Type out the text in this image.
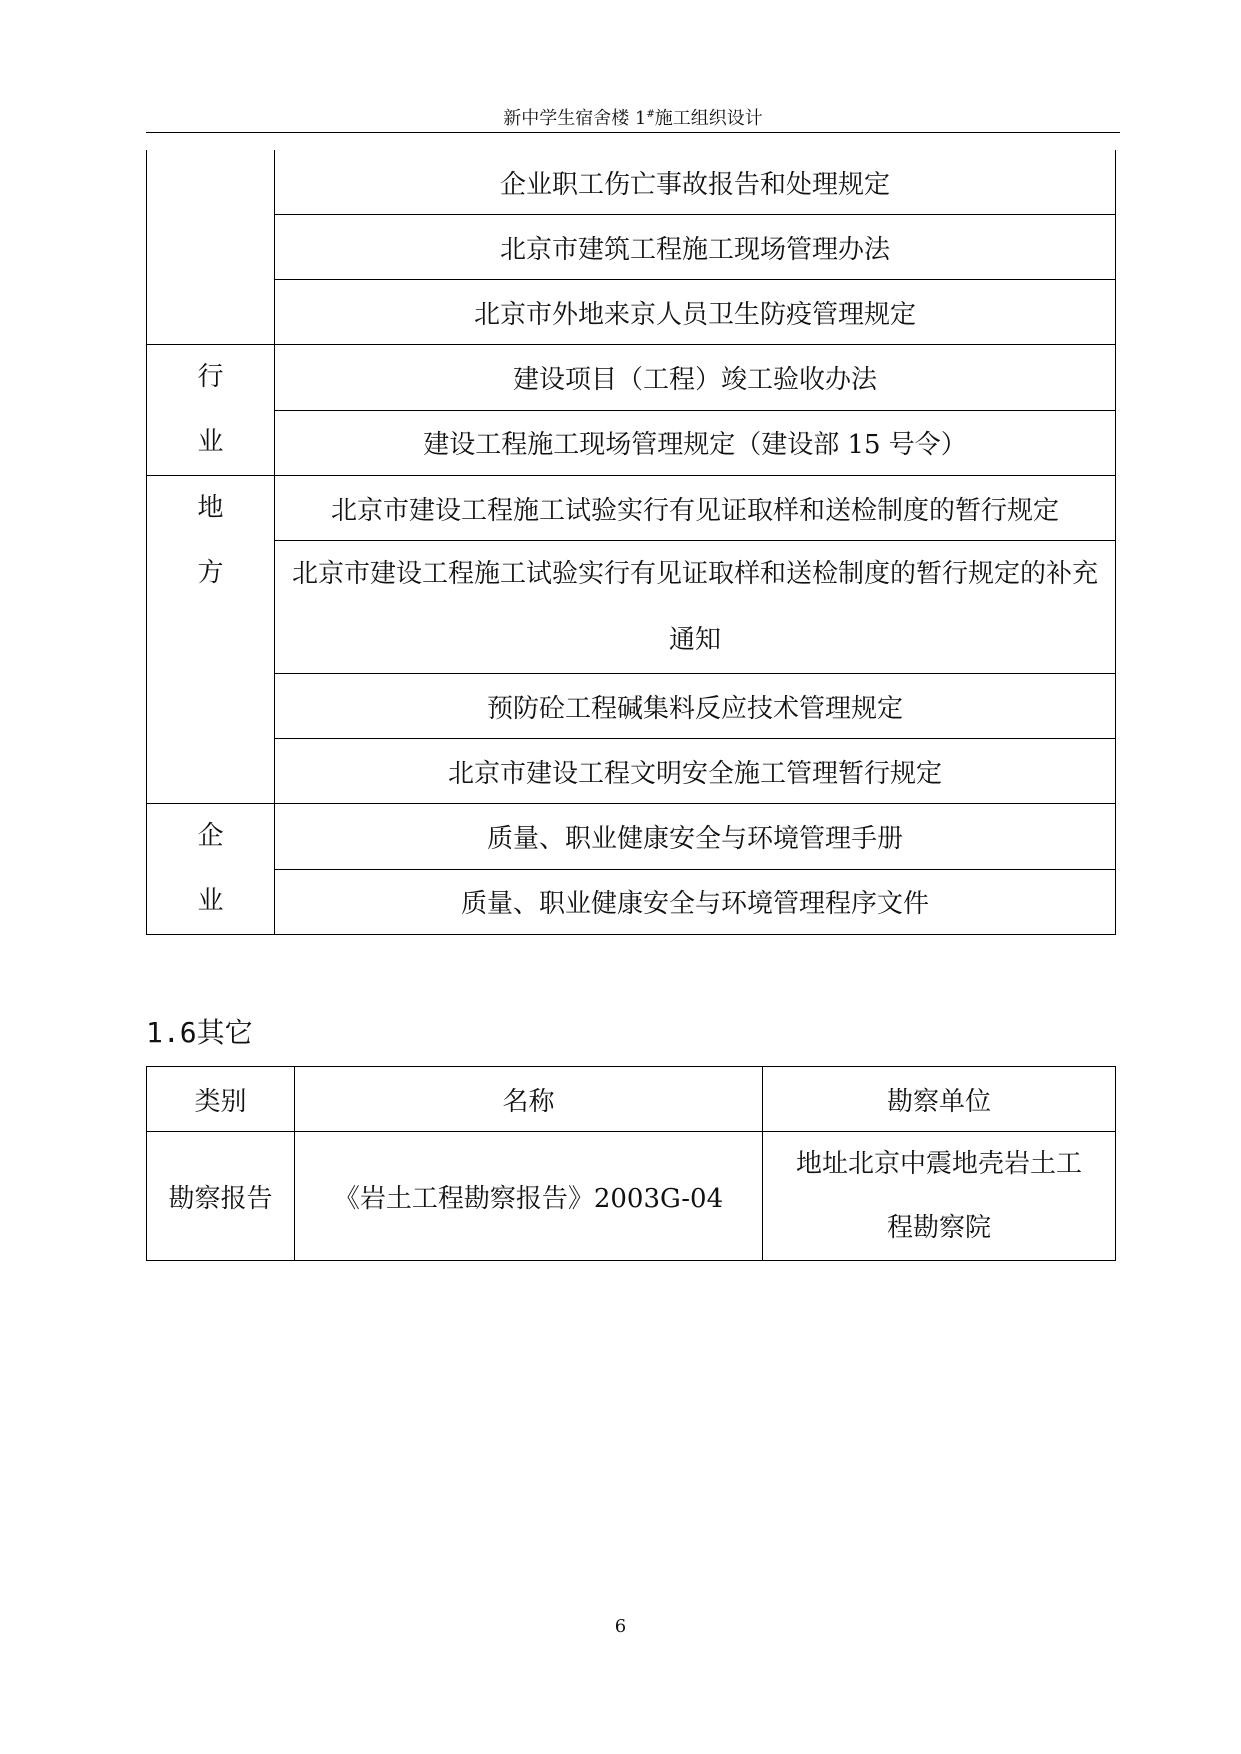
新中学生宿舍楼 1#施工组织设计
	企业职工伤亡事故报告和处理规定
	北京市建筑工程施工现场管理办法
	北京市外地来京人员卫生防疫管理规定

行
业	建设项目（工程）竣工验收办法
	建设工程施工现场管理规定（建设部 15 号令）

地
方	北京市建设工程施工试验实行有见证取样和送检制度的暂行规定
	北京市建设工程施工试验实行有见证取样和送检制度的暂行规定的补充通知
	预防砼工程碱集料反应技术管理规定
	北京市建设工程文明安全施工管理暂行规定

企
业	质量、职业健康安全与环境管理手册
	质量、职业健康安全与环境管理程序文件
1.6其它
类别	名称	勘察单位
勘察报告	《岩土工程勘察报告》2003G-04	地址北京中震地壳岩土工
程勘察院
6
